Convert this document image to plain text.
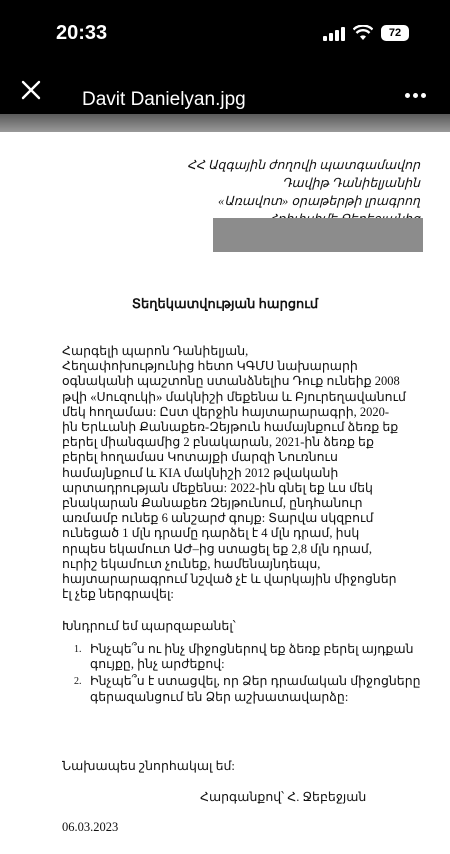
20:33	72
Davit Danielyan.jpg
ՀՀ Ազգային ժողովի պատգամավոր
Դավիթ Դանիելյանին
«Առավոտ» օրաթերթի լրագրող
Տեղեկատվության հարցում

Հարգելի պարոն Դանիելյան,

Հեղափոխությունից հետո ԿԳՄՍ նախարարի

օգնականի պաշտոնը ստանձնելիս Դուք ունեիք 2008

թվի «Սուզուկի» մակնիշի մեքենա և Բյուրեղավանում

մեկ հողամաս: Ըստ վերջին հայտարարագրի, 2020-

ին Երևանի Քանաքեռ-Զեյթուն համայնքում ձեռք եք

բերել միանգամից 2 բնակարան, 2021-ին ձեռք եք

բերել հողամաս Կոտայքի մարզի Նուռնուս

համայնքում և KIA մակնիշի 2012 թվականի

արտադրության մեքենա: 2022-ին գնել եք ևս մեկ

բնակարան Քանաքեռ Զեյթունում, ընդհանուր

առմամբ ունեք 6 անշարժ գույք: Տարվա սկզբում

ունեցած 1 մլն դրամը դարձել է 4 մլն դրամ, իսկ

որպես եկամուտ ԱԺ–ից ստացել եք 2,8 մլն դրամ,

ուրիշ եկամուտ չունեք, համենայնդեպս,

հայտարարագրում նշված չէ և վարկային միջոցներ

էլ չեք ներգրավել:

Խնդրում եմ պարզաբանել՝
1. Ինչպե՞ս ու ինչ միջոցներով եք ձեռք բերել այդքան գույքը, ինչ արժեքով:
2. Ինչպե՞ս է ստացվել, որ Ձեր դրամական միջոցները գերազանցում են Ձեր աշխատավարձը:
Նախապես շնորհակալ եմ:
Հարգանքով՝ Հ. Ջեբեջյան
06.03.2023
